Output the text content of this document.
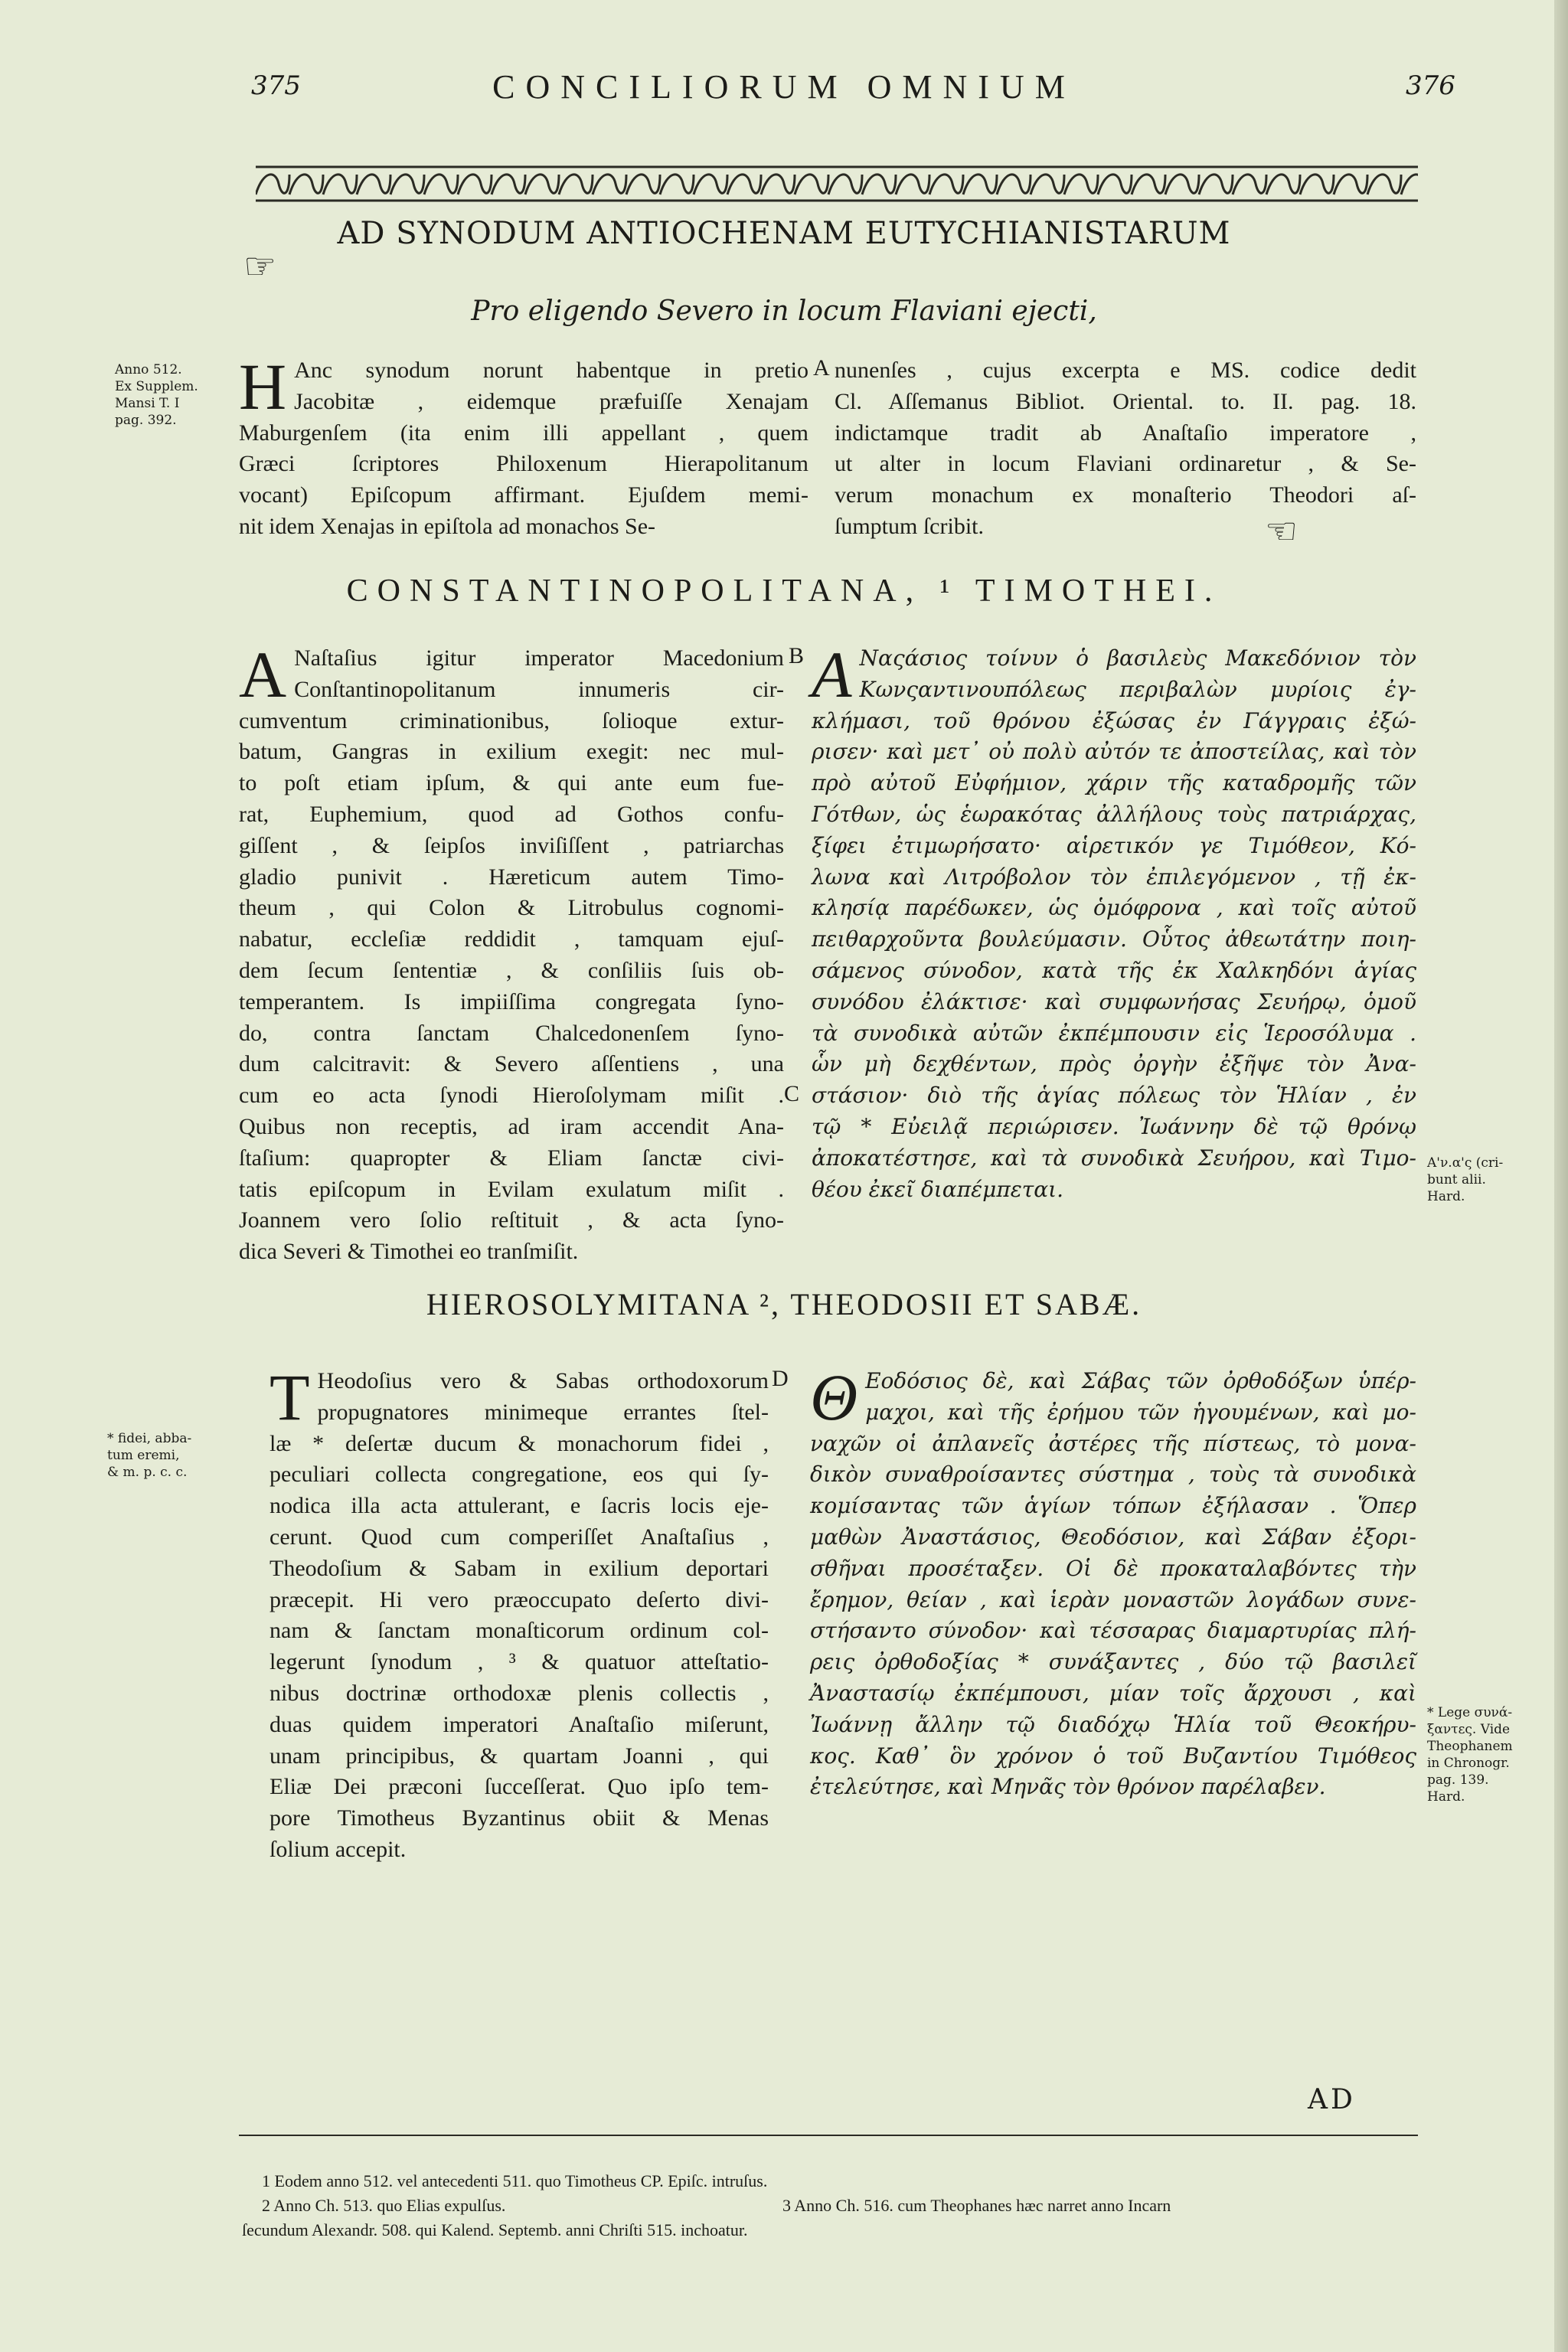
375	CONCILIORUM OMNIUM	376
☞
AD SYNODUM ANTIOCHENAM EUTYCHIANISTARUM
Pro eligendo Severo in locum Flaviani ejecti,
Anno 512.
Ex Supplem.
Mansi T. I
pag. 392. H Anc synodum norunt habentque in pretio
Jacobitæ , eidemque præfuiſſe Xenajam
Maburgenſem (ita enim illi appellant , quem
Græci ſcriptores Philoxenum Hierapolitanum
vocant) Epiſcopum affirmant. Ejuſdem memi-
nit idem Xenajas in epiſtola ad monachos Se-
A nunenſes , cujus excerpta e MS. codice dedit
Cl. Aſſemanus Bibliot. Oriental. to. II. pag. 18.
indictamque tradit ab Anaſtaſio imperatore ,
ut alter in locum Flaviani ordinaretur , & Se-
verum monachum ex monaſterio Theodori aſ-
ſumptum ſcribit.	☜
CONSTANTINOPOLITANA, ¹ TIMOTHEI.
A Naſtaſius igitur imperator Macedonium
Conſtantinopolitanum innumeris cir-
cumventum criminationibus, ſolioque extur-
batum, Gangras in exilium exegit: nec mul-
to poſt etiam ipſum, & qui ante eum fue-
rat, Euphemium, quod ad Gothos confu-
giſſent , & ſeipſos inviſiſſent , patriarchas
gladio punivit . Hæreticum autem Timo-
theum , qui Colon & Litrobulus cognomi-
nabatur, eccleſiæ reddidit , tamquam ejuſ-
dem ſecum ſententiæ , & conſiliis ſuis ob-
temperantem. Is impiiſſima congregata ſyno-
do, contra ſanctam Chalcedonenſem ſyno-
dum calcitravit: & Severo aſſentiens , una
cum eo acta ſynodi Hieroſolymam miſit .
Quibus non receptis, ad iram accendit Ana-
ſtaſium: quapropter & Eliam ſanctæ civi-
tatis epiſcopum in Evilam exulatum miſit .
Joannem vero ſolio reſtituit , & acta ſyno-
dica Severi & Timothei eo tranſmiſit.
B
C
A Ναςάσιος τοίνυν ὁ βασιλεὺς Μακεδόνιον τὸν
Κωνςαντινουπόλεως περιβαλὼν μυρίοις ἐγ-
κλήμασι, τοῦ θρόνου ἐξώσας ἐν Γάγγραις ἐξώ-
ρισεν· καὶ μετ᾽ οὐ πολὺ αὐτόν τε ἀποστείλας, καὶ τὸν
πρὸ αὐτοῦ Εὐφήμιον, χάριν τῆς καταδρομῆς τῶν
Γότθων, ὡς ἑωρακότας ἀλλήλους τοὺς πατριάρχας,
ξίφει ἐτιμωρήσατο· αἱρετικόν γε Τιμόθεον, Κό-
λωνα καὶ Λιτρόβολον τὸν ἐπιλεγόμενον , τῇ ἐκ-
κλησίᾳ παρέδωκεν, ὡς ὁμόφρονα , καὶ τοῖς αὐτοῦ
πειθαρχοῦντα βουλεύμασιν. Οὗτος ἀθεωτάτην ποιη-
σάμενος σύνοδον, κατὰ τῆς ἐκ Χαλκηδόνι ἁγίας
συνόδου ἐλάκτισε· καὶ συμφωνήσας Σευήρῳ, ὁμοῦ
τὰ συνοδικὰ αὐτῶν ἐκπέμπουσιν εἰς Ἱεροσόλυμα .
ὧν μὴ δεχθέντων, πρὸς ὀργὴν ἐξῆψε τὸν Ἀνα-
στάσιον· διὸ τῆς ἁγίας πόλεως τὸν Ἡλίαν , ἐν
τῷ * Εὐειλᾷ περιώρισεν. Ἰωάννην δὲ τῷ θρόνῳ
ἀποκατέστησε, καὶ τὰ συνοδικὰ Σευήρου, καὶ Τιμο-
θέου ἐκεῖ διαπέμπεται.
A'ν.α'ς (cri-
bunt alii.
Hard.
HIEROSOLYMITANA ², THEODOSII ET SABÆ.
* fidei, abba-
tum eremi,
& m. p. c. c.
T Heodoſius vero & Sabas orthodoxorum
propugnatores minimeque errantes ſtel-
læ * deſertæ ducum & monachorum fidei ,
peculiari collecta congregatione, eos qui ſy-
nodica illa acta attulerant, e ſacris locis eje-
cerunt. Quod cum comperiſſet Anaſtaſius ,
Theodoſium & Sabam in exilium deportari
præcepit. Hi vero præoccupato deſerto divi-
nam & ſanctam monaſticorum ordinum col-
legerunt ſynodum , ³ & quatuor atteſtatio-
nibus doctrinæ orthodoxæ plenis collectis ,
duas quidem imperatori Anaſtaſio miſerunt,
unam principibus, & quartam Joanni , qui
Eliæ Dei præconi ſucceſſerat. Quo ipſo tem-
pore Timotheus Byzantinus obiit & Menas
ſolium accepit.
D Θ Εοδόσιος δὲ, καὶ Σάβας τῶν ὀρθοδόξων ὑπέρ-
μαχοι, καὶ τῆς ἐρήμου τῶν ἡγουμένων, καὶ μο-
ναχῶν οἱ ἀπλανεῖς ἀστέρες τῆς πίστεως, τὸ μονα-
δικὸν συναθροίσαντες σύστημα , τοὺς τὰ συνοδικὰ
κομίσαντας τῶν ἁγίων τόπων ἐξήλασαν . Ὅπερ
μαθὼν Ἀναστάσιος, Θεοδόσιον, καὶ Σάβαν ἐξορι-
σθῆναι προσέταξεν. Οἱ δὲ προκαταλαβόντες τὴν
ἔρημον, θείαν , καὶ ἱερὰν μοναστῶν λογάδων συνε-
στήσαντο σύνοδον· καὶ τέσσαρας διαμαρτυρίας πλή-
ρεις ὀρθοδοξίας * συνάξαντες , δύο τῷ βασιλεῖ
Ἀναστασίῳ ἐκπέμπουσι, μίαν τοῖς ἄρχουσι , καὶ
Ἰωάννῃ ἄλλην τῷ διαδόχῳ Ἡλία τοῦ Θεοκήρυ-
κος. Καθ᾽ ὃν χρόνον ὁ τοῦ Βυζαντίου Τιμόθεος
ἐτελεύτησε, καὶ Μηνᾶς τὸν θρόνον παρέλαβεν.
* Lege συνά-
ξαντες. Vide
Theophanem
in Chronogr.
pag. 139.
Hard.
AD
1 Eodem anno 512. vel antecedenti 511. quo Timotheus CP. Epiſc. intruſus.
2 Anno Ch. 513. quo Elias expulſus.	3 Anno Ch. 516. cum Theophanes hæc narret anno Incarn
ſecundum Alexandr. 508. qui Kalend. Septemb. anni Chriſti 515. inchoatur.
